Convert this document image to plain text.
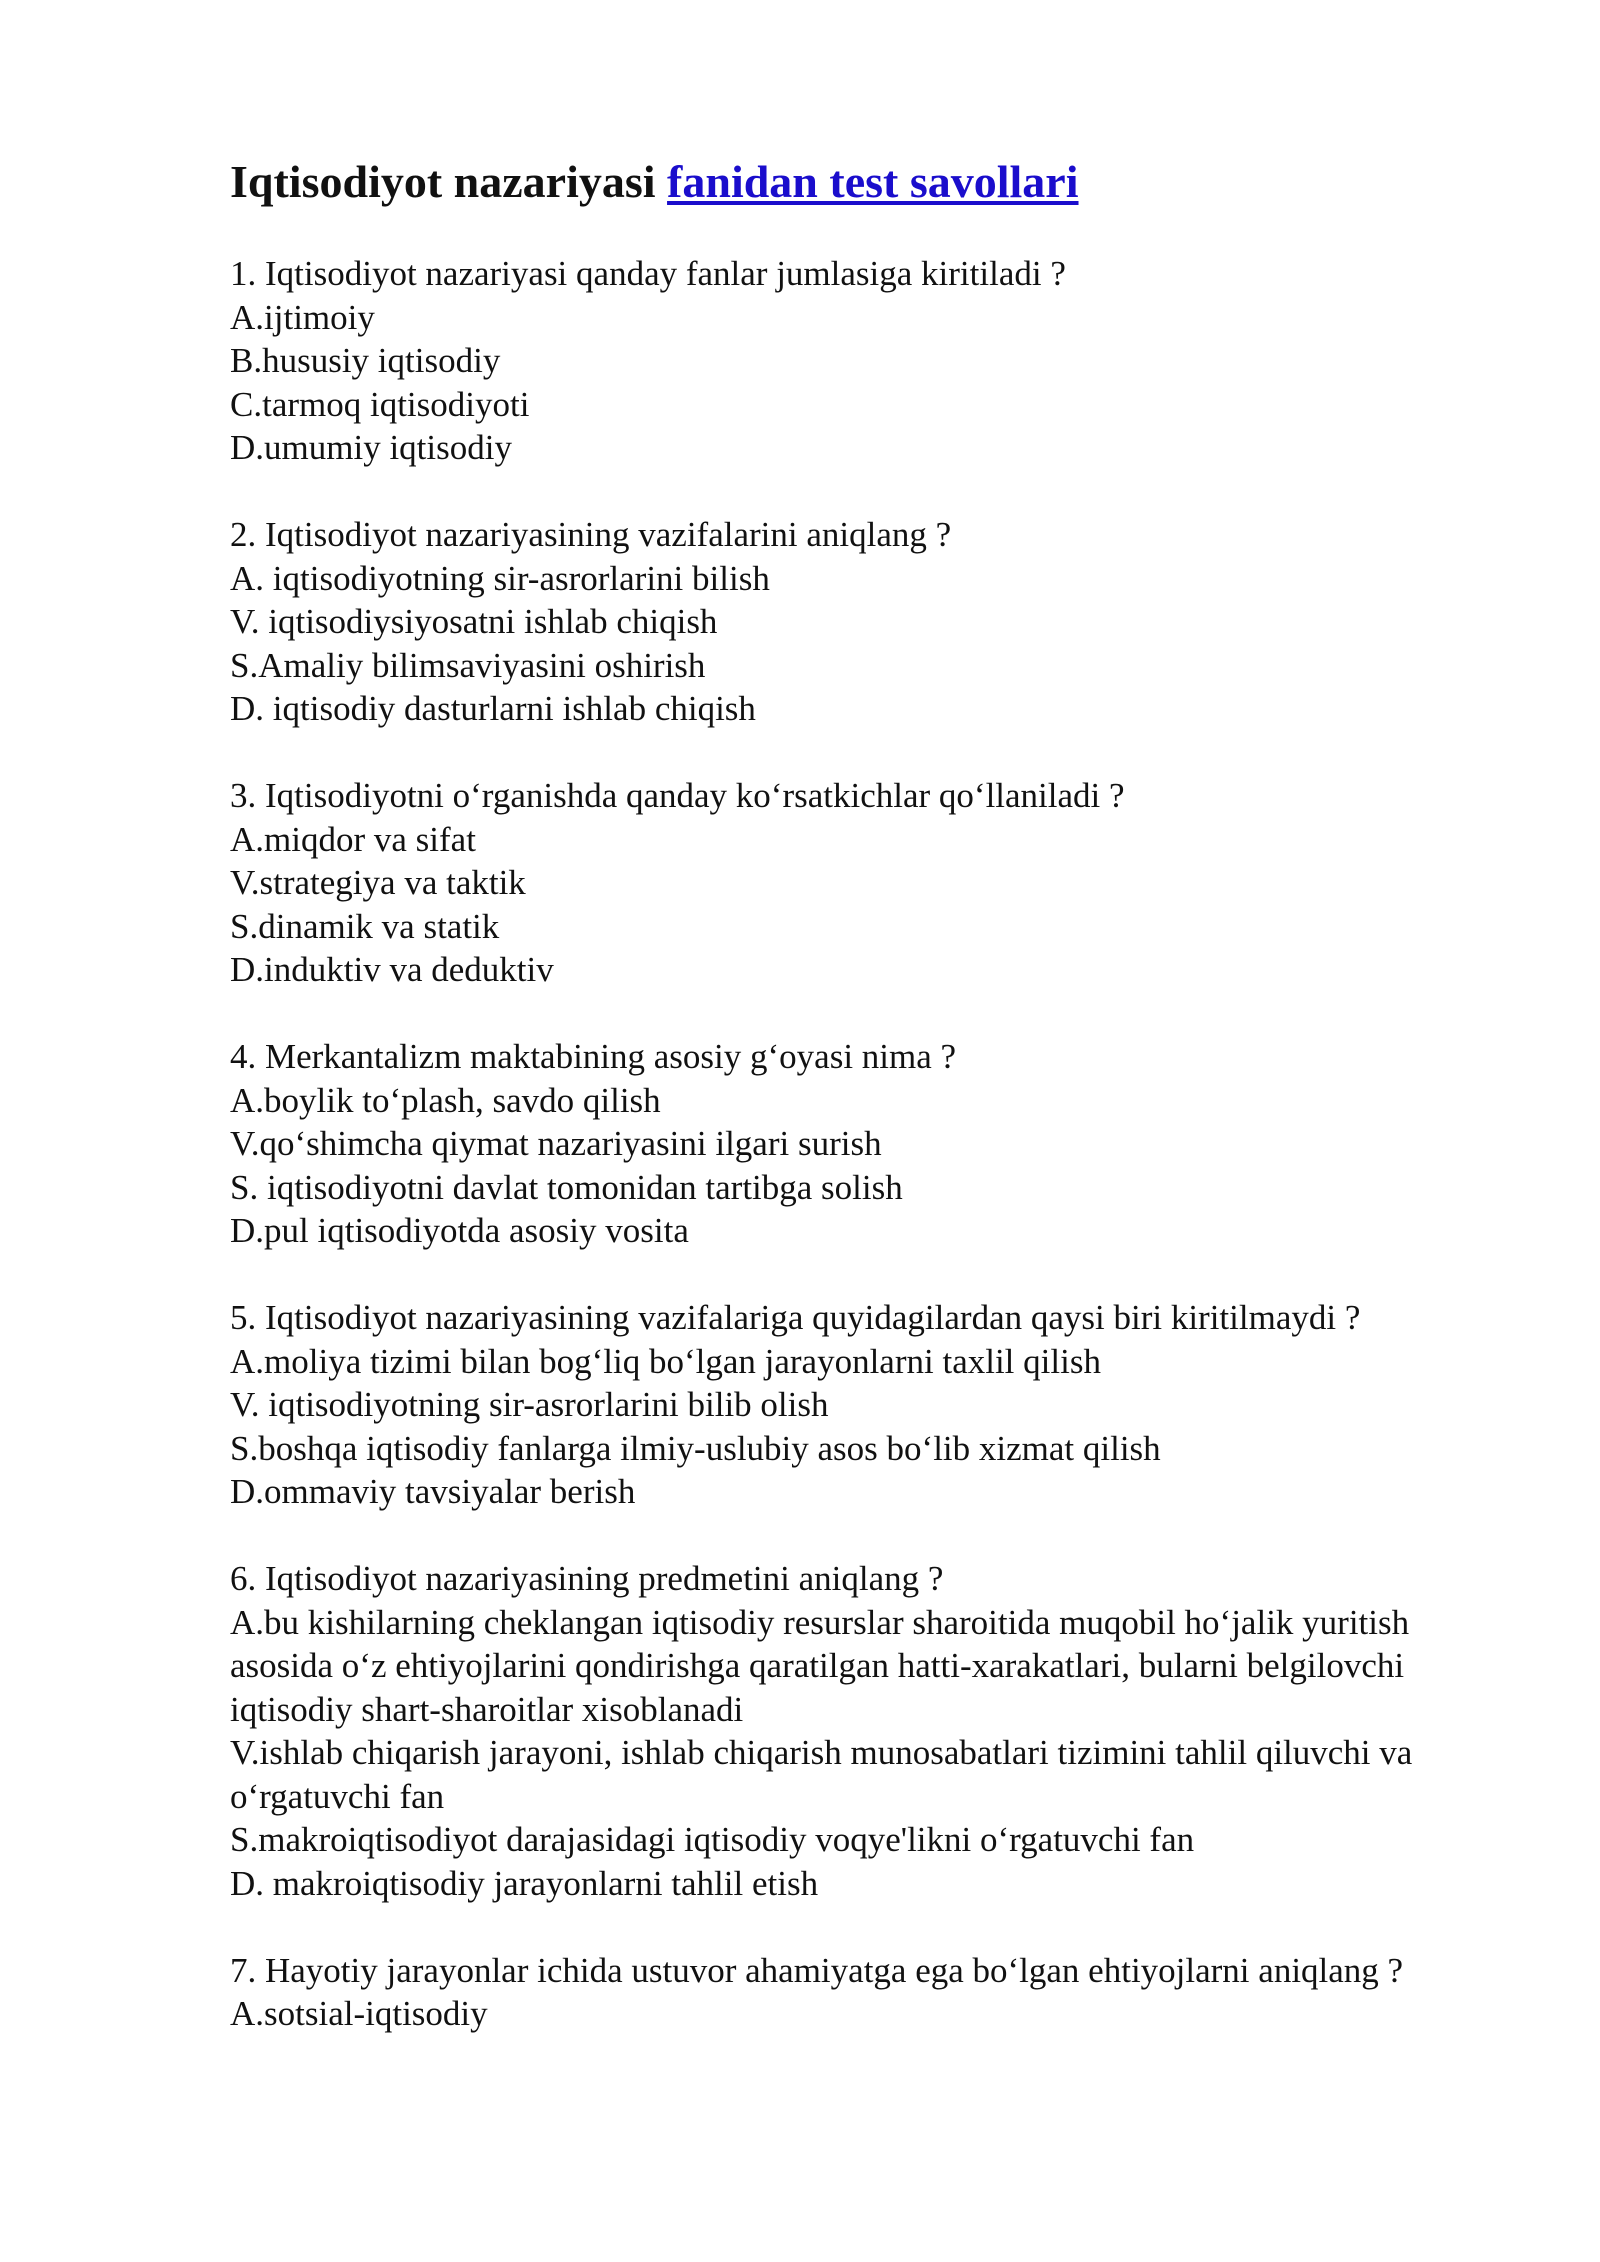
Iqtisodiyot nazariyasi fanidan test savollari
1. Iqtisodiyot nazariyasi qanday fanlar jumlasiga kiritiladi ?
A.ijtimoiy
B.hususiy iqtisodiy
C.tarmoq iqtisodiyoti
D.umumiy iqtisodiy
2. Iqtisodiyot nazariyasining vazifalarini aniqlang ?
A. iqtisodiyotning sir-asrorlarini bilish
V. iqtisodiysiyosatni ishlab chiqish
S.Amaliy bilimsaviyasini oshirish
D. iqtisodiy dasturlarni ishlab chiqish
3. Iqtisodiyotni o‘rganishda qanday ko‘rsatkichlar qo‘llaniladi ?
A.miqdor va sifat
V.strategiya va taktik
S.dinamik va statik
D.induktiv va deduktiv
4. Merkantalizm maktabining asosiy g‘oyasi nima ?
A.boylik to‘plash, savdo qilish
V.qo‘shimcha qiymat nazariyasini ilgari surish
S. iqtisodiyotni davlat tomonidan tartibga solish
D.pul iqtisodiyotda asosiy vosita
5. Iqtisodiyot nazariyasining vazifalariga quyidagilardan qaysi biri kiritilmaydi ?
A.moliya tizimi bilan bog‘liq bo‘lgan jarayonlarni taxlil qilish
V. iqtisodiyotning sir-asrorlarini bilib olish
S.boshqa iqtisodiy fanlarga ilmiy-uslubiy asos bo‘lib xizmat qilish
D.ommaviy tavsiyalar berish
6. Iqtisodiyot nazariyasining predmetini aniqlang ?
A.bu kishilarning cheklangan iqtisodiy resurslar sharoitida muqobil ho‘jalik yuritish asosida o‘z ehtiyojlarini qondirishga qaratilgan hatti-xarakatlari, bularni belgilovchi iqtisodiy shart-sharoitlar xisoblanadi
V.ishlab chiqarish jarayoni, ishlab chiqarish munosabatlari tizimini tahlil qiluvchi va o‘rgatuvchi fan
S.makroiqtisodiyot darajasidagi iqtisodiy voqye'likni o‘rgatuvchi fan
D. makroiqtisodiy jarayonlarni tahlil etish
7. Hayotiy jarayonlar ichida ustuvor ahamiyatga ega bo‘lgan ehtiyojlarni aniqlang ?
A.sotsial-iqtisodiy
